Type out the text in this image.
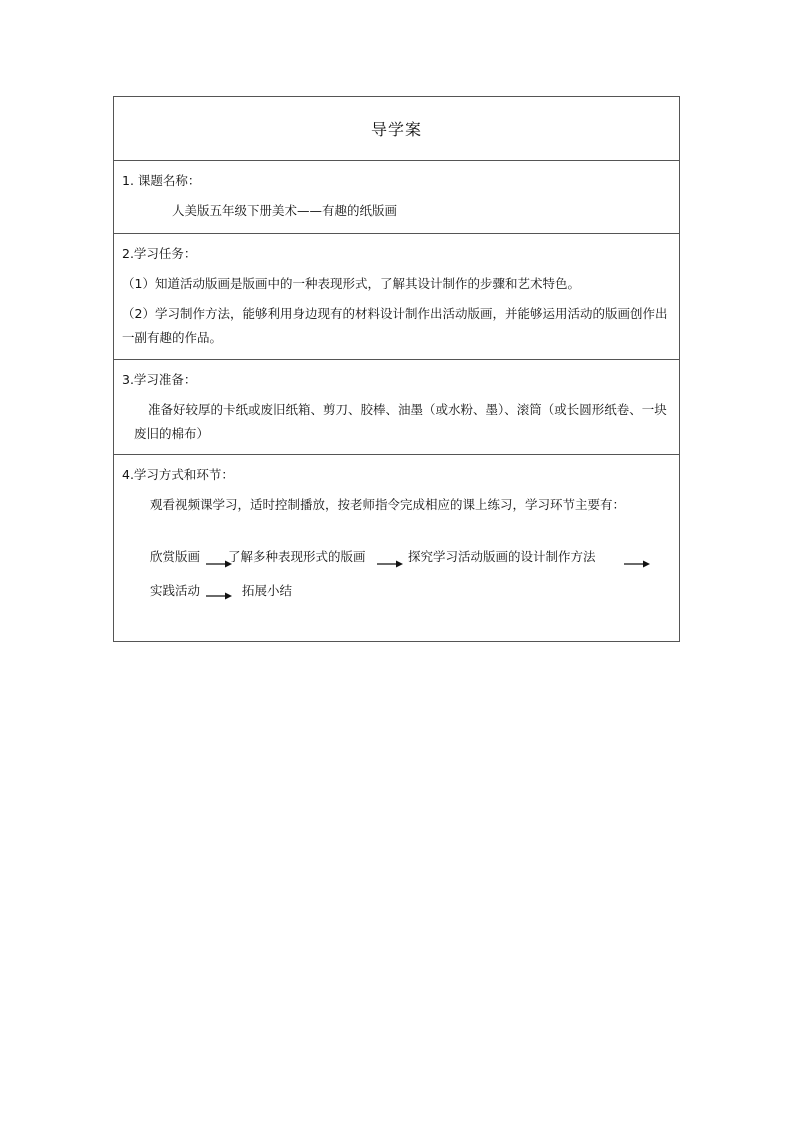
导学案
1. 课题名称：
人美版五年级下册美术——有趣的纸版画
2.学习任务：
（1）知道活动版画是版画中的一种表现形式，了解其设计制作的步骤和艺术特色。
（2）学习制作方法，能够利用身边现有的材料设计制作出活动版画，并能够运用活动的版画创作出一副有趣的作品。
3.学习准备：
准备好较厚的卡纸或废旧纸箱、剪刀、胶棒、油墨（或水粉、墨）、滚筒（或长圆形纸卷、一块废旧的棉布）
4.学习方式和环节：
观看视频课学习，适时控制播放，按老师指令完成相应的课上练习，学习环节主要有：
欣赏版画 了解多种表现形式的版画	探究学习活动版画的设计制作方法
实践活动	拓展小结
